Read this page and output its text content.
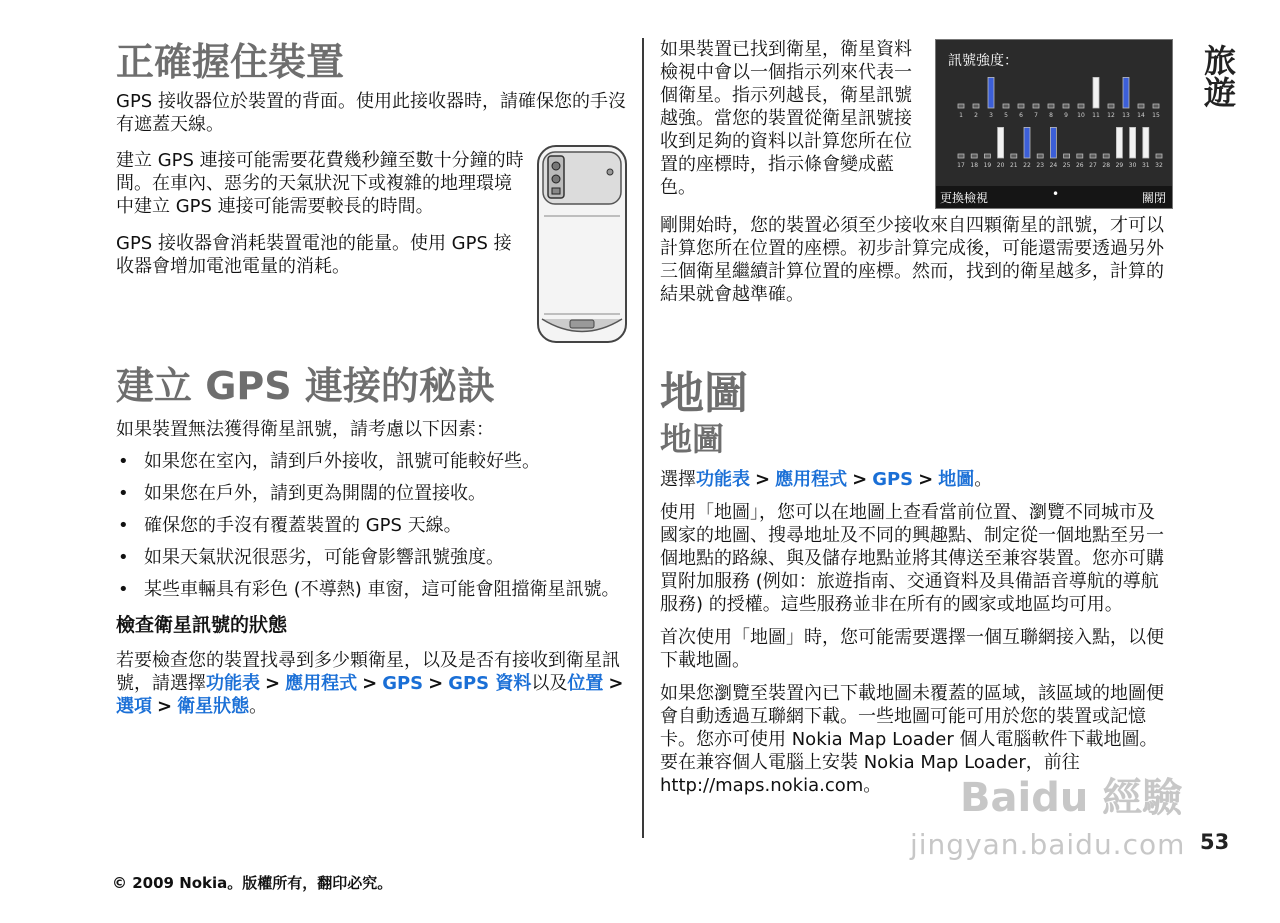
旅遊
正確握住裝置

GPS 接收器位於裝置的背面。使用此接收器時，請確保您的手沒有遮蓋天線。

建立 GPS 連接可能需要花費幾秒鐘至數十分鐘的時間。在車內、惡劣的天氣狀況下或複雜的地理環境中建立 GPS 連接可能需要較長的時間。

GPS 接收器會消耗裝置電池的能量。使用 GPS 接收器會增加電池電量的消耗。

建立 GPS 連接的秘訣

如果裝置無法獲得衛星訊號，請考慮以下因素：

• 如果您在室內，請到戶外接收，訊號可能較好些。
• 如果您在戶外，請到更為開闊的位置接收。
• 確保您的手沒有覆蓋裝置的 GPS 天線。
• 如果天氣狀況很惡劣，可能會影響訊號強度。
• 某些車輛具有彩色 (不導熱) 車窗，這可能會阻擋衛星訊號。
檢查衛星訊號的狀態

若要檢查您的裝置找尋到多少顆衛星，以及是否有接收到衛星訊號，請選擇功能表 > 應用程式 > GPS > GPS 資料以及位置 >選項 > 衛星狀態。

如果裝置已找到衛星，衛星資料檢視中會以一個指示列來代表一個衛星。指示列越長，衛星訊號越強。當您的裝置從衛星訊號接收到足夠的資料以計算您所在位置的座標時，指示條會變成藍色。

剛開始時，您的裝置必須至少接收來自四顆衛星的訊號，才可以計算您所在位置的座標。初步計算完成後，可能還需要透過另外三個衛星繼續計算位置的座標。然而，找到的衛星越多，計算的結果就會越準確。

訊號強度：
1 2 3 5 6 7 8 9 10 11 12 13 14 15
17 18 19 20 21 22 23 24 25 26 27 28 29 30 31 32
更換檢視	•	關閉
地圖
地圖

選擇功能表 > 應用程式 > GPS > 地圖。

使用「地圖」，您可以在地圖上查看當前位置、瀏覽不同城市及國家的地圖、搜尋地址及不同的興趣點、制定從一個地點至另一個地點的路線、與及儲存地點並將其傳送至兼容裝置。您亦可購買附加服務 (例如：旅遊指南、交通資料及具備語音導航的導航服務) 的授權。這些服務並非在所有的國家或地區均可用。

首次使用「地圖」時，您可能需要選擇一個互聯網接入點，以便下載地圖。

如果您瀏覽至裝置內已下載地圖未覆蓋的區域，該區域的地圖便會自動透過互聯網下載。一些地圖可能可用於您的裝置或記憶卡。您亦可使用 Nokia Map Loader 個人電腦軟件下載地圖。要在兼容個人電腦上安裝 Nokia Map Loader，前往 http://maps.nokia.com。	Baidu 經驗
jingyan.baidu.com 53
© 2009 Nokia。版權所有，翻印必究。
